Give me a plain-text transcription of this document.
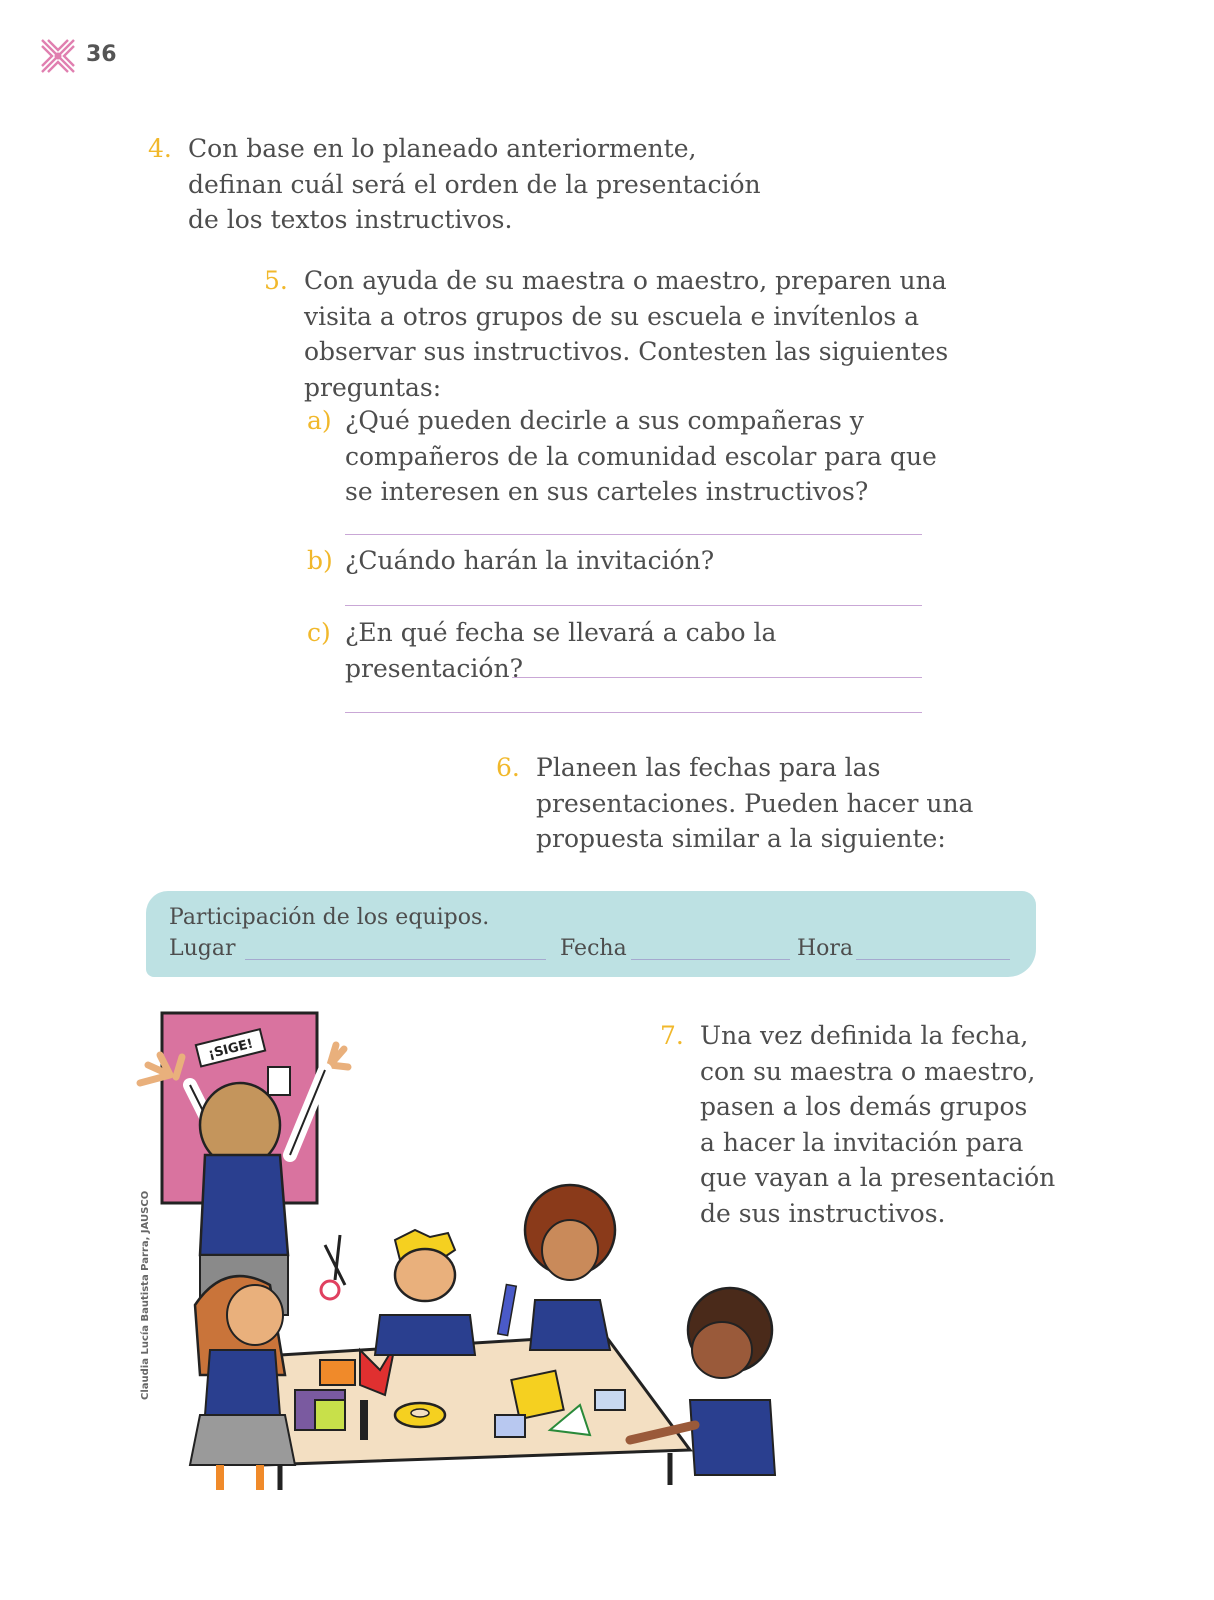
36
4. Con base en lo planeado anteriormente,
definan cuál será el orden de la presentación
de los textos instructivos.
5. Con ayuda de su maestra o maestro, preparen una
visita a otros grupos de su escuela e invítenlos a
observar sus instructivos. Contesten las siguientes
preguntas:
a) ¿Qué pueden decirle a sus compañeras y
compañeros de la comunidad escolar para que
se interesen en sus carteles instructivos?
b) ¿Cuándo harán la invitación?
c) ¿En qué fecha se llevará a cabo la
presentación?
6. Planeen las fechas para las
presentaciones. Pueden hacer una
propuesta similar a la siguiente:
Participación de los equipos.
Lugar	Fecha	Hora
7. Una vez definida la fecha,
con su maestra o maestro,
pasen a los demás grupos
a hacer la invitación para
que vayan a la presentación
de sus instructivos.
¡SIGE!
Claudia Lucía Bautista Parra, JAUSCO
